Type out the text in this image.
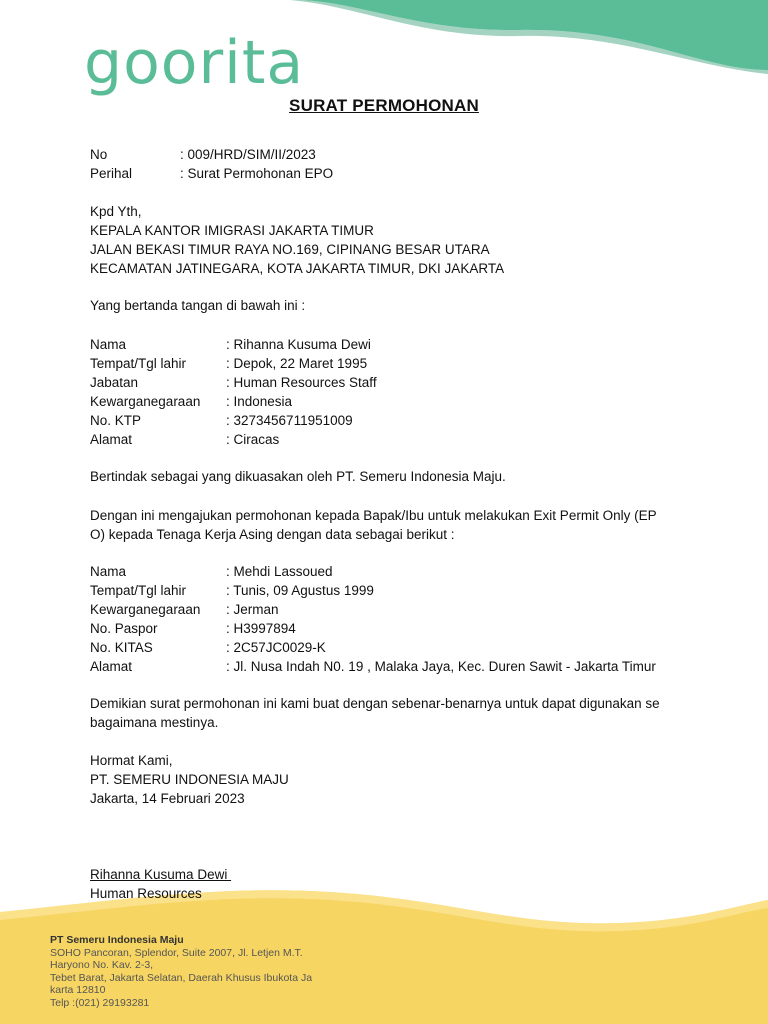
goorita
SURAT PERMOHONAN
No	: 009/HRD/SIM/II/2023
Perihal	: Surat Permohonan EPO
Kpd Yth,
KEPALA KANTOR IMIGRASI JAKARTA TIMUR
JALAN BEKASI TIMUR RAYA NO.169, CIPINANG BESAR UTARA
KECAMATAN JATINEGARA, KOTA JAKARTA TIMUR, DKI JAKARTA
Yang bertanda tangan di bawah ini :
Nama	: Rihanna Kusuma Dewi
Tempat/Tgl lahir	: Depok, 22 Maret 1995
Jabatan	: Human Resources Staff
Kewarganegaraan : Indonesia
No. KTP	: 3273456711951009
Alamat	: Ciracas
Bertindak sebagai yang dikuasakan oleh PT. Semeru Indonesia Maju.
Dengan ini mengajukan permohonan kepada Bapak/Ibu untuk melakukan Exit Permit Only (EP
O) kepada Tenaga Kerja Asing dengan data sebagai berikut :
Nama	: Mehdi Lassoued
Tempat/Tgl lahir	: Tunis, 09 Agustus 1999
Kewarganegaraan : Jerman
No. Paspor	: H3997894
No. KITAS	: 2C57JC0029-K
Alamat	: Jl. Nusa Indah N0. 19 , Malaka Jaya, Kec. Duren Sawit - Jakarta Timur
Demikian surat permohonan ini kami buat dengan sebenar-benarnya untuk dapat digunakan se
bagaimana mestinya.
Hormat Kami,
PT. SEMERU INDONESIA MAJU
Jakarta, 14 Februari 2023
Rihanna Kusuma Dewi
Human Resources
PT Semeru Indonesia Maju
SOHO Pancoran, Splendor, Suite 2007, Jl. Letjen M.T.
Haryono No. Kav. 2-3,
Tebet Barat, Jakarta Selatan, Daerah Khusus Ibukota Ja
karta 12810
Telp :(021) 29193281
